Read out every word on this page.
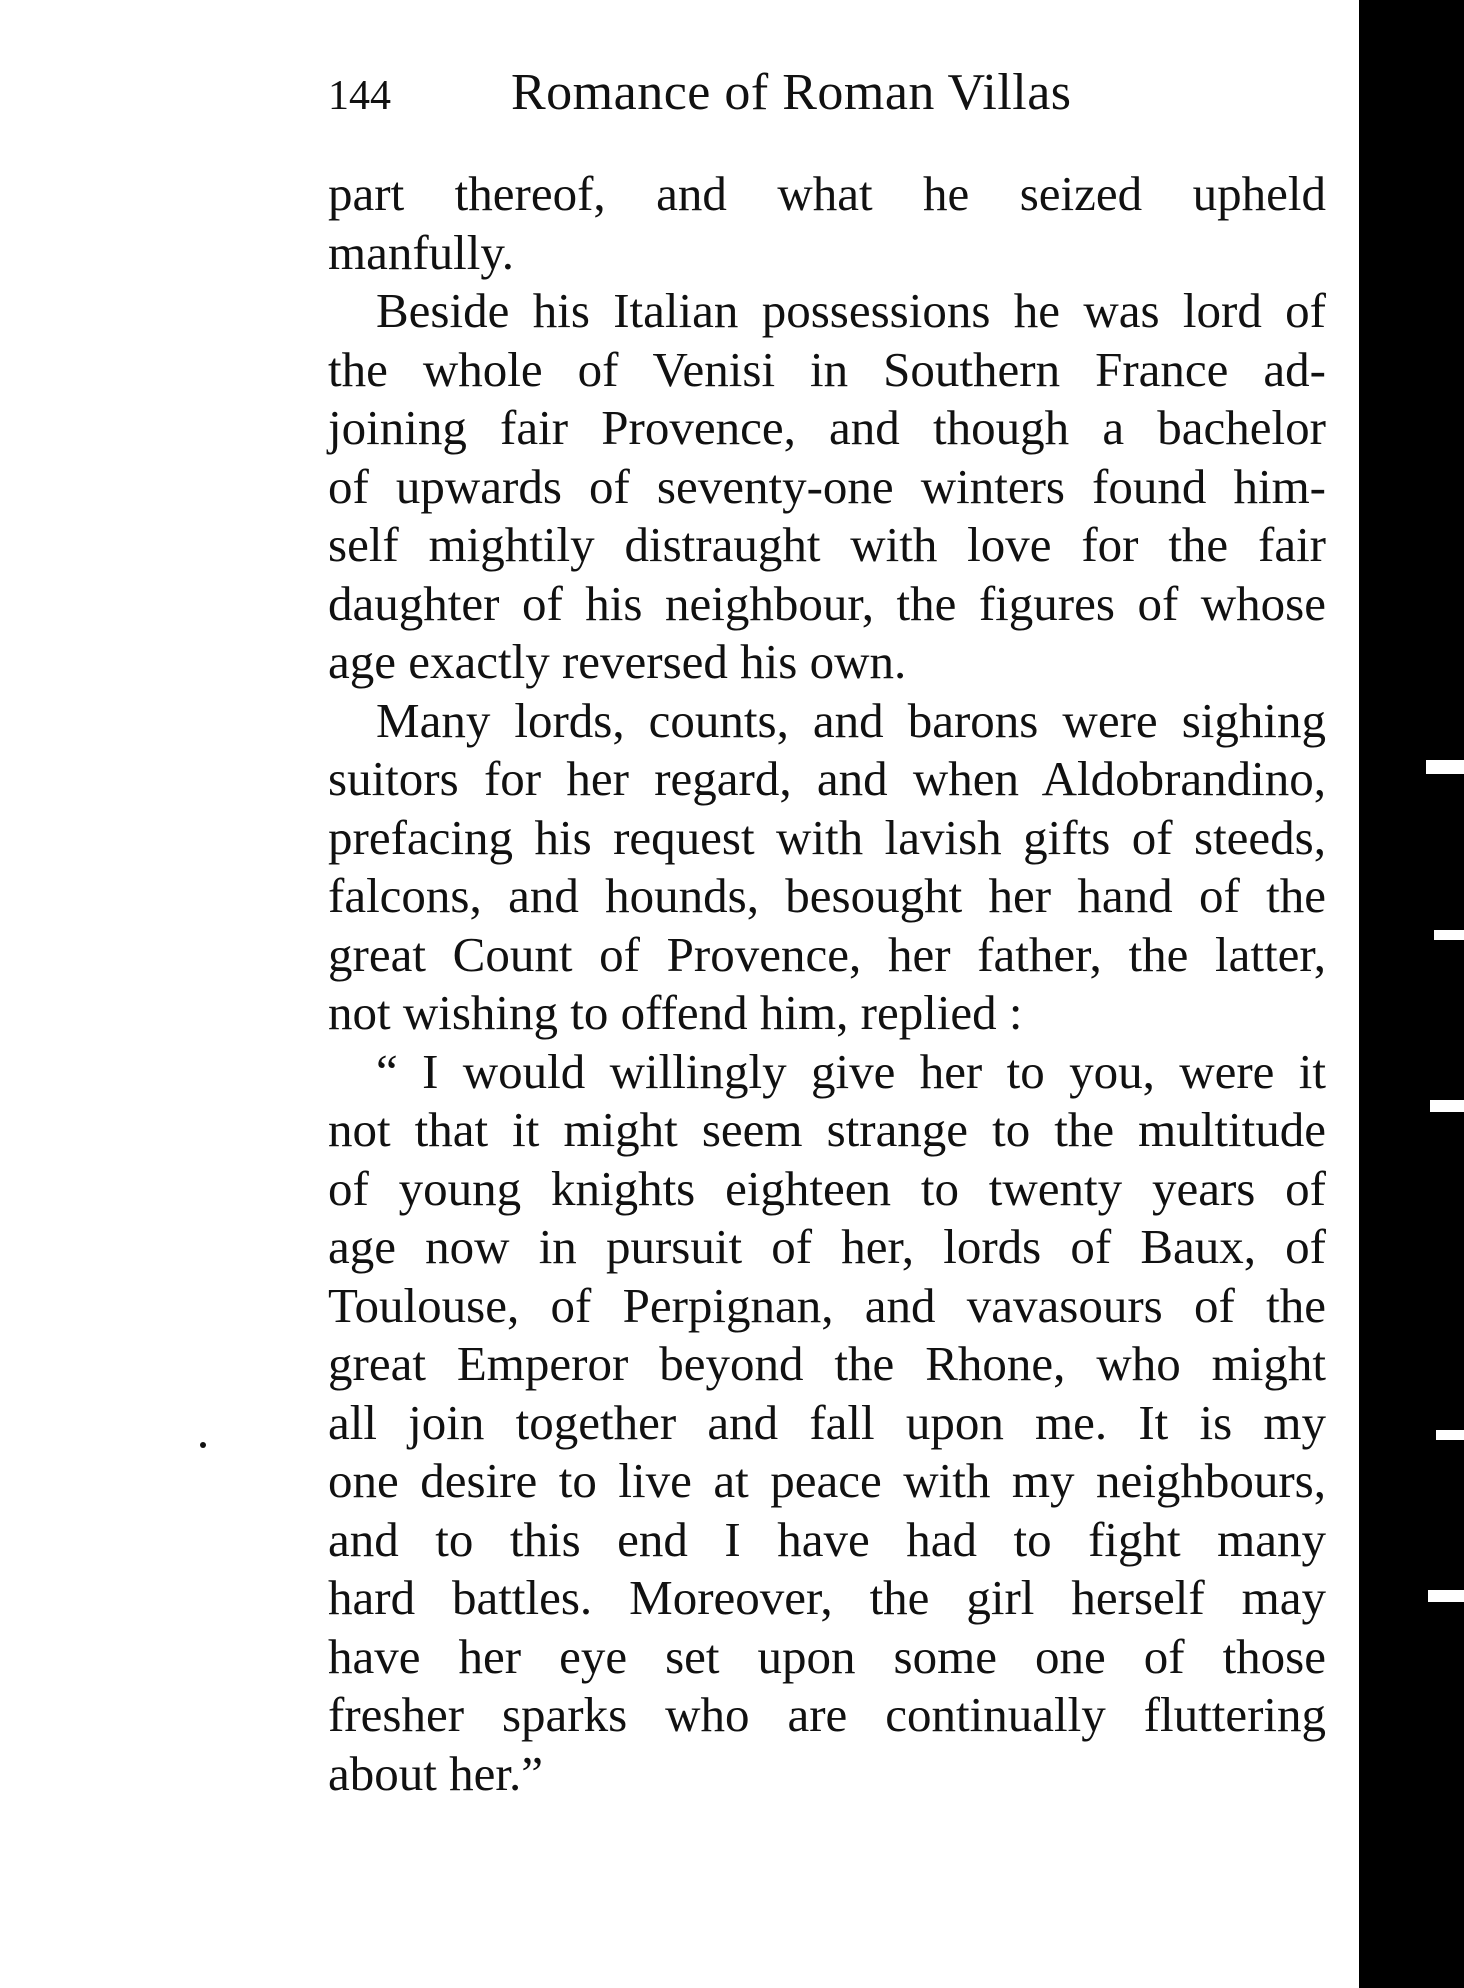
144 Romance of Roman Villas
part thereof, and what he seized upheld
manfully.
Beside his Italian possessions he was lord of
the whole of Venisi in Southern France ad-
joining fair Provence, and though a bachelor
of upwards of seventy-one winters found him-
self mightily distraught with love for the fair
daughter of his neighbour, the figures of whose
age exactly reversed his own.
Many lords, counts, and barons were sighing
suitors for her regard, and when Aldobrandino,
prefacing his request with lavish gifts of steeds,
falcons, and hounds, besought her hand of the
great Count of Provence, her father, the latter,
not wishing to offend him, replied :
“ I would willingly give her to you, were it
not that it might seem strange to the multitude
of young knights eighteen to twenty years of
age now in pursuit of her, lords of Baux, of
Toulouse, of Perpignan, and vavasours of the
great Emperor beyond the Rhone, who might
all join together and fall upon me. It is my
one desire to live at peace with my neighbours,
and to this end I have had to fight many
hard battles. Moreover, the girl herself may
have her eye set upon some one of those
fresher sparks who are continually fluttering
about her.”
